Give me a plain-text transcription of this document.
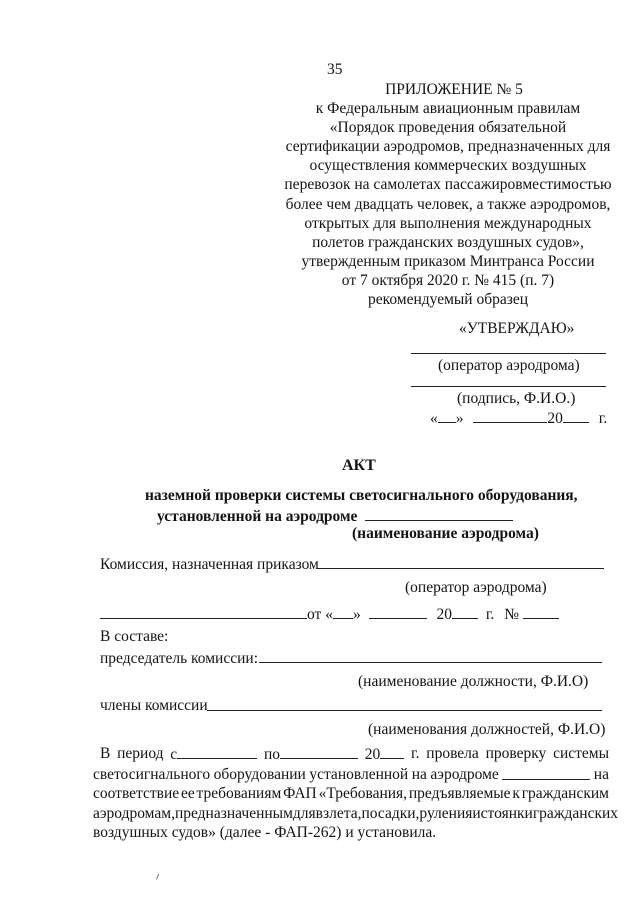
35
ПРИЛОЖЕНИЕ № 5
к Федеральным авиационным правилам
«Порядок проведения обязательной
сертификации аэродромов, предназначенных для
осуществления коммерческих воздушных
перевозок на самолетах пассажировместимостью
более чем двадцать человек, а также аэродромов,
открытых для выполнения международных
полетов гражданских воздушных судов»,
утвержденным приказом Минтранса России
от 7 октября 2020 г. № 415 (п. 7)
рекомендуемый образец
«УТВЕРЖДАЮ»
(оператор аэродрома)
(подпись, Ф.И.О.)
« »	20 г.
АКТ
наземной проверки системы светосигнального оборудования,
установленной на аэродроме
(наименование аэродрома)
Комиссия, назначенная приказом
(оператор аэродрома)
от « »	20 г. №
В составе:
председатель комиссии:
(наименование должности, Ф.И.О)
члены комиссии
(наименования должностей, Ф.И.О)
В период с	по	20	г. провела проверку системы
светосигнального оборудовании установленной на аэродроме	на
соответствие ее требованиям ФАП «Требования, предъявляемые к гражданским
аэродромам, предназначенным для взлета, посадки, руления и стоянки гражданских
воздушных судов» (далее - ФАП-262) и установила.
